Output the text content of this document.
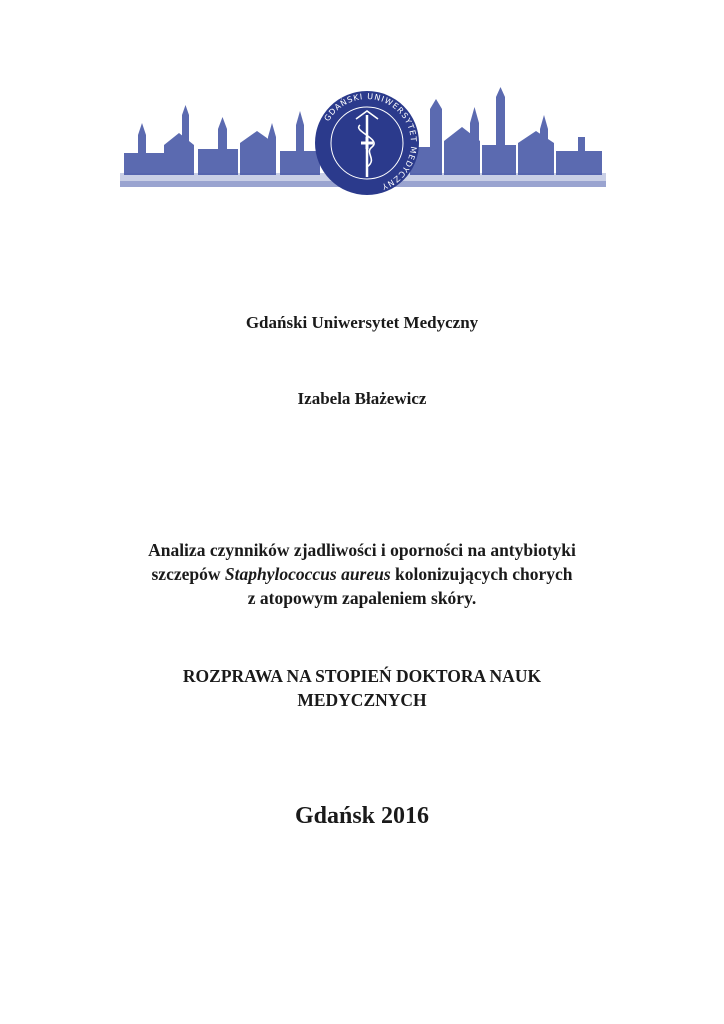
GDAŃSKI UNIWERSYTET MEDYCZNY
Gdański Uniwersytet Medyczny
Izabela Błażewicz
Analiza czynników zjadliwości i oporności na antybiotyki
szczepów Staphylococcus aureus kolonizujących chorych
z atopowym zapaleniem skóry.
ROZPRAWA NA STOPIEŃ DOKTORA NAUK
MEDYCZNYCH
Gdańsk 2016
